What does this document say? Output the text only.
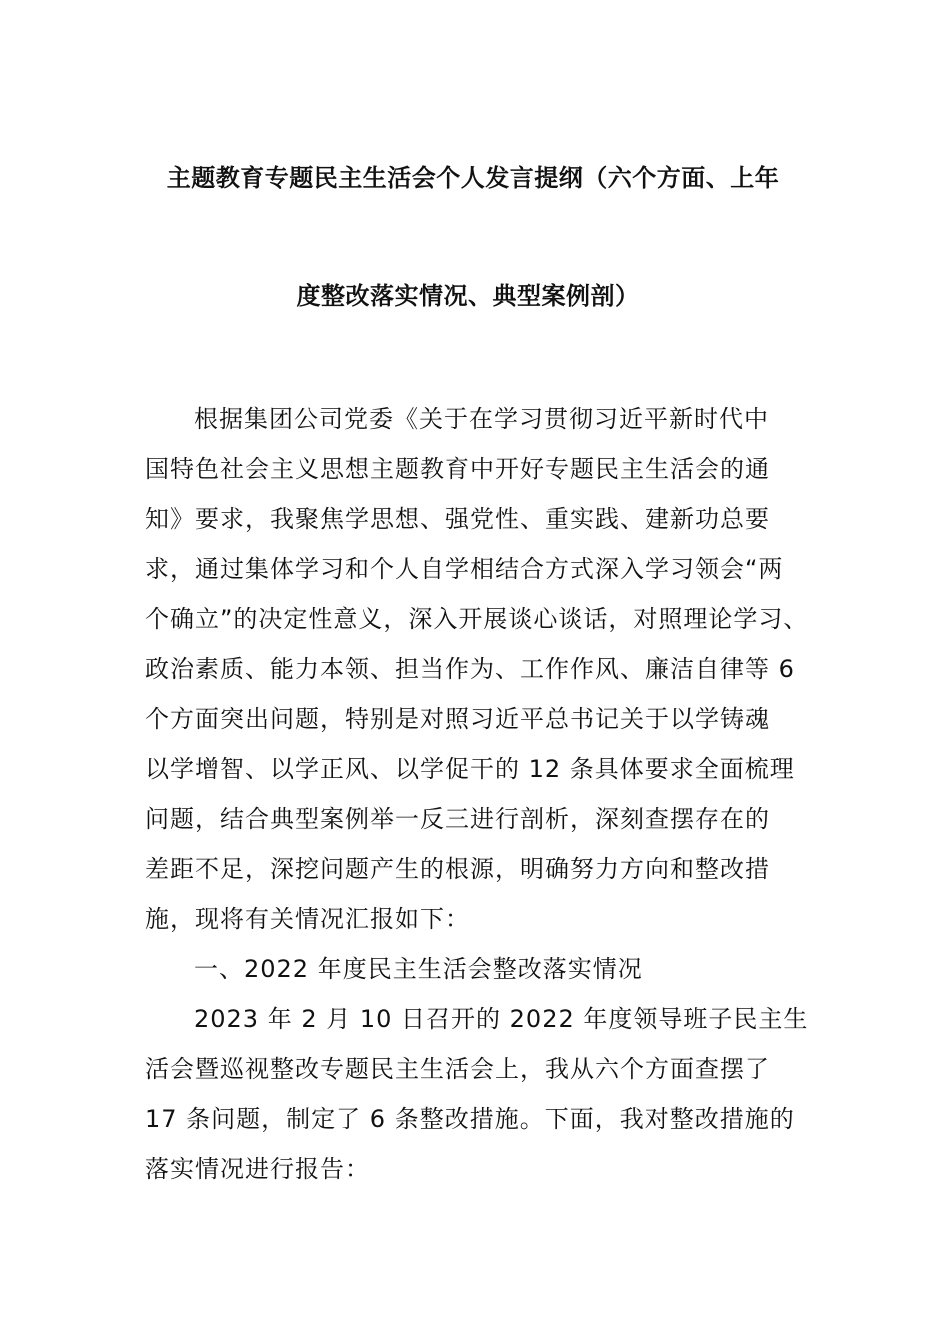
主题教育专题民主生活会个人发言提纲（六个方面、上年
度整改落实情况、典型案例剖）
根据集团公司党委《关于在学习贯彻习近平新时代中
国特色社会主义思想主题教育中开好专题民主生活会的通
知》要求，我聚焦学思想、强党性、重实践、建新功总要
求，通过集体学习和个人自学相结合方式深入学习领会“两
个确立”的决定性意义，深入开展谈心谈话，对照理论学习、
政治素质、能力本领、担当作为、工作作风、廉洁自律等 6
个方面突出问题，特别是对照习近平总书记关于以学铸魂
以学增智、以学正风、以学促干的 12 条具体要求全面梳理
问题，结合典型案例举一反三进行剖析，深刻查摆存在的
差距不足，深挖问题产生的根源，明确努力方向和整改措
施，现将有关情况汇报如下：
一、2022 年度民主生活会整改落实情况
2023 年 2 月 10 日召开的 2022 年度领导班子民主生
活会暨巡视整改专题民主生活会上，我从六个方面查摆了
17 条问题，制定了 6 条整改措施。下面，我对整改措施的
落实情况进行报告：
